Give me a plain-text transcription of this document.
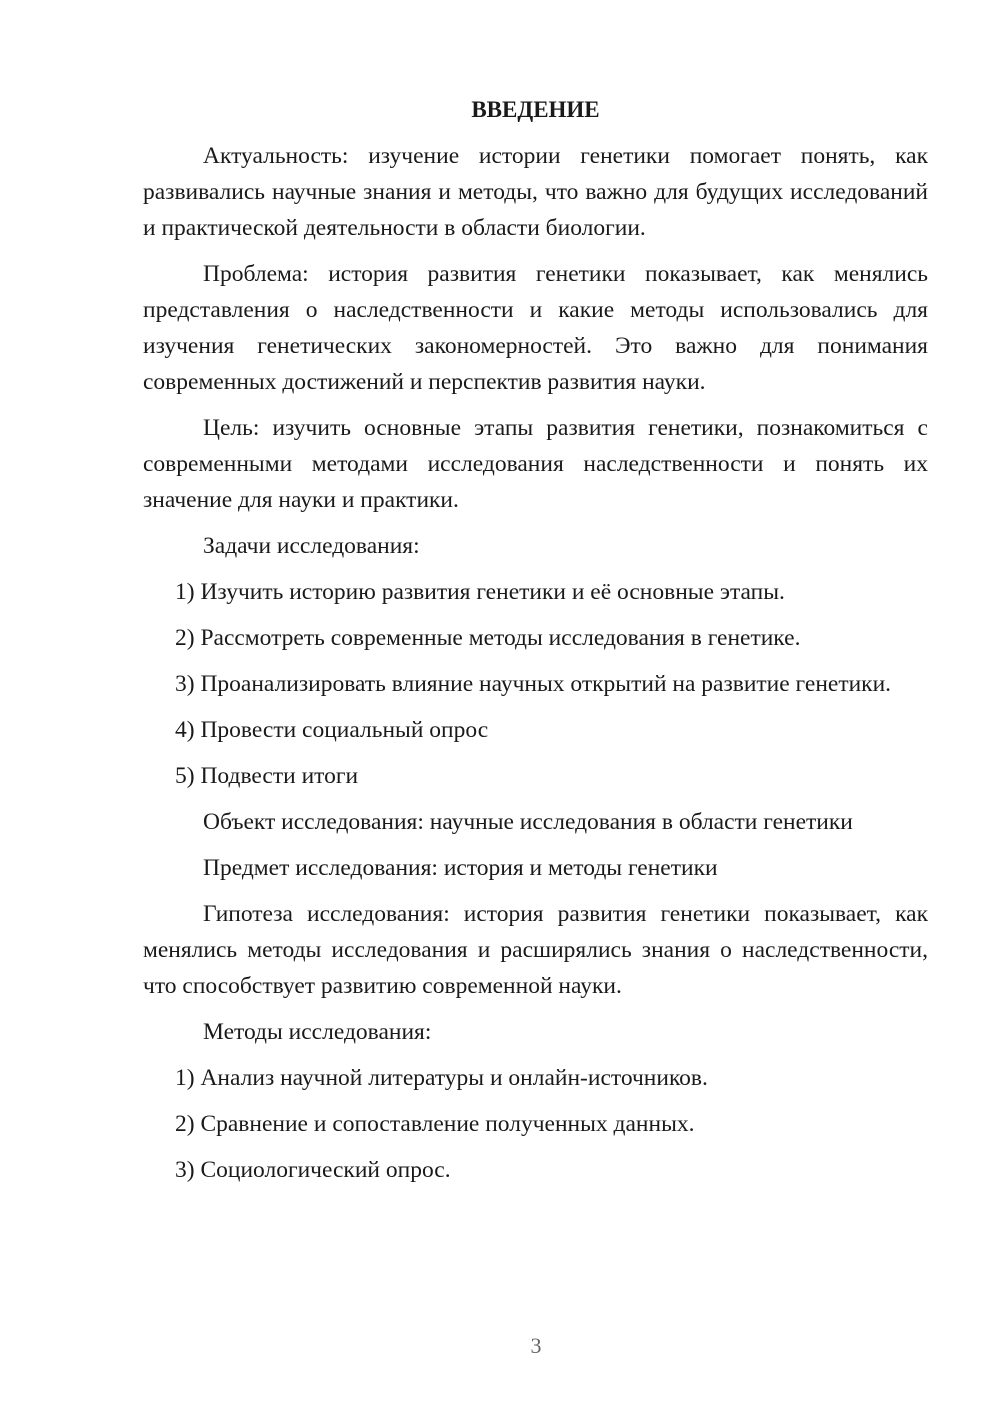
ВВЕДЕНИЕ

Актуальность: изучение истории генетики помогает понять, как развивались научные знания и методы, что важно для будущих исследований и практической деятельности в области биологии.

Проблема: история развития генетики показывает, как менялись представления о наследственности и какие методы использовались для изучения генетических закономерностей. Это важно для понимания современных достижений и перспектив развития науки.

Цель: изучить основные этапы развития генетики, познакомиться с современными методами исследования наследственности и понять их значение для науки и практики.

Задачи исследования:

1) Изучить историю развития генетики и её основные этапы.

2) Рассмотреть современные методы исследования в генетике.

3) Проанализировать влияние научных открытий на развитие генетики.

4) Провести социальный опрос

5) Подвести итоги

Объект исследования: научные исследования в области генетики

Предмет исследования: история и методы генетики

Гипотеза исследования: история развития генетики показывает, как менялись методы исследования и расширялись знания о наследственности, что способствует развитию современной науки.

Методы исследования:

1) Анализ научной литературы и онлайн-источников.

2) Сравнение и сопоставление полученных данных.

3) Социологический опрос.

3
